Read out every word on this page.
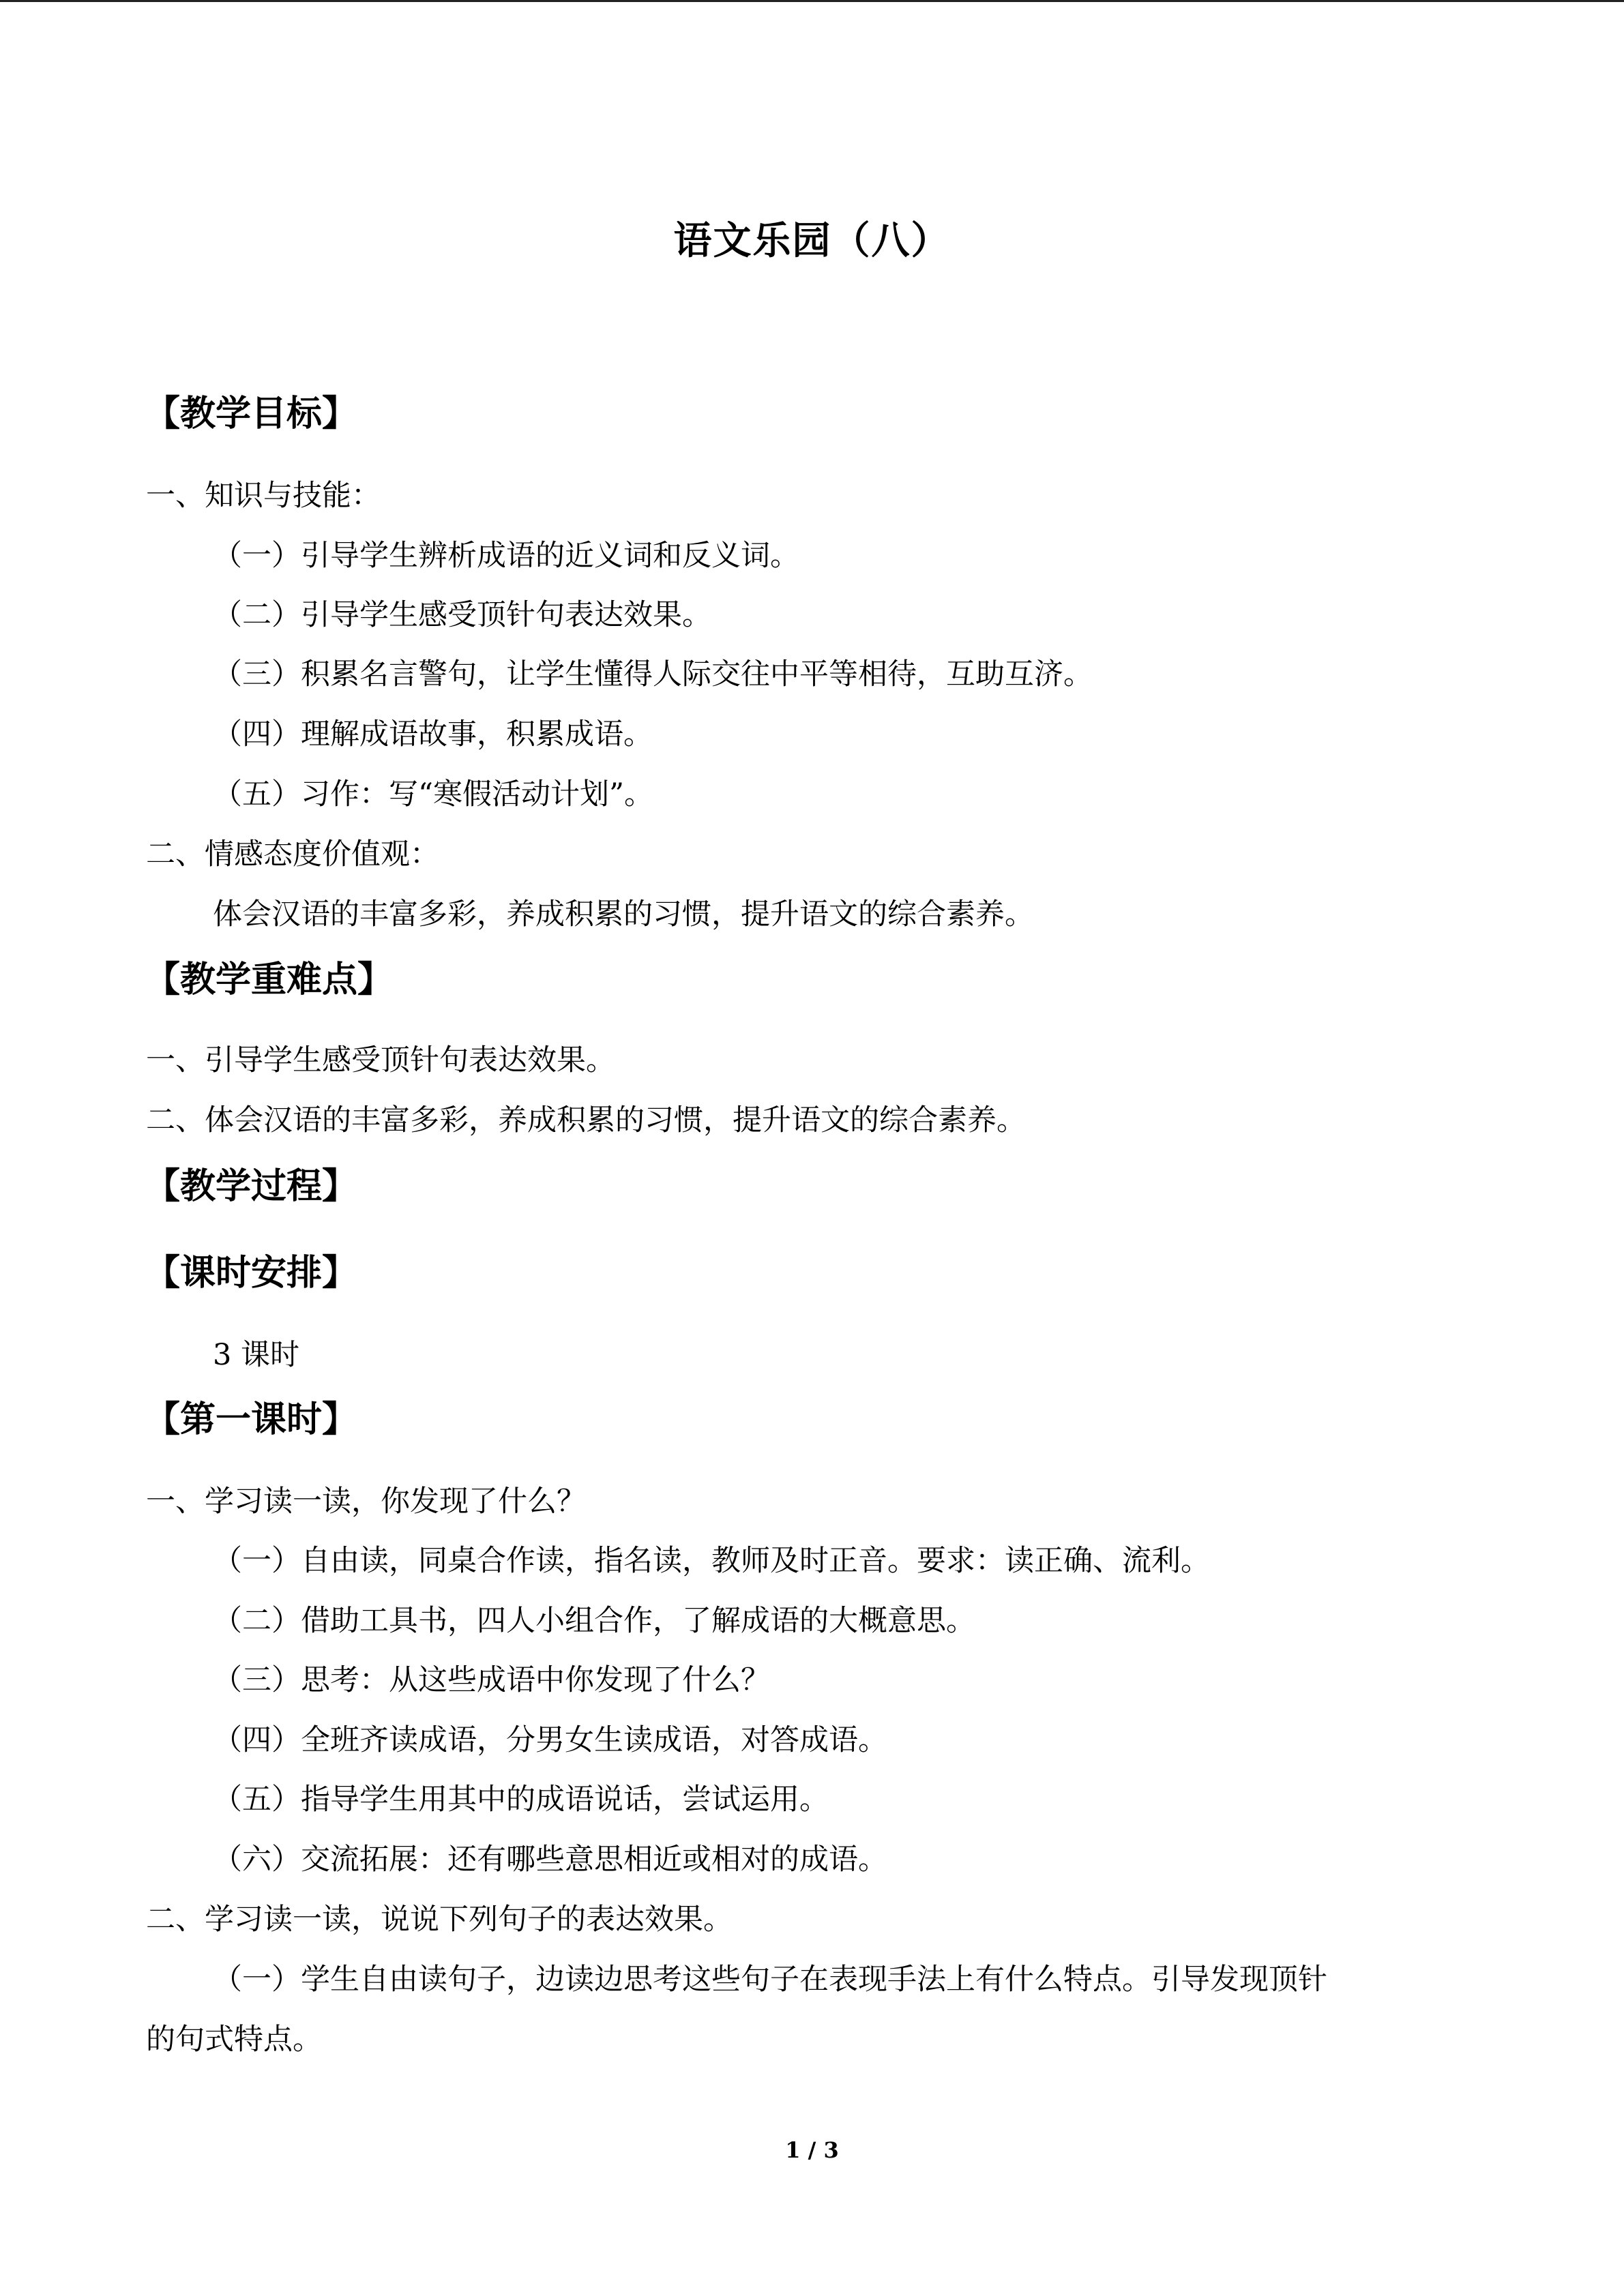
语文乐园（八）
【教学目标】
一、知识与技能：
（一）引导学生辨析成语的近义词和反义词。
（二）引导学生感受顶针句表达效果。
（三）积累名言警句，让学生懂得人际交往中平等相待，互助互济。
（四）理解成语故事，积累成语。
（五）习作：写“寒假活动计划”。
二、情感态度价值观：
体会汉语的丰富多彩，养成积累的习惯，提升语文的综合素养。
【教学重难点】
一、引导学生感受顶针句表达效果。
二、体会汉语的丰富多彩，养成积累的习惯，提升语文的综合素养。
【教学过程】
【课时安排】
3 课时
【第一课时】
一、学习读一读，你发现了什么？
（一）自由读，同桌合作读，指名读，教师及时正音。要求：读正确、流利。
（二）借助工具书，四人小组合作，了解成语的大概意思。
（三）思考：从这些成语中你发现了什么？
（四）全班齐读成语，分男女生读成语，对答成语。
（五）指导学生用其中的成语说话，尝试运用。
（六）交流拓展：还有哪些意思相近或相对的成语。
二、学习读一读，说说下列句子的表达效果。
（一）学生自由读句子，边读边思考这些句子在表现手法上有什么特点。引导发现顶针
的句式特点。
1 / 3
